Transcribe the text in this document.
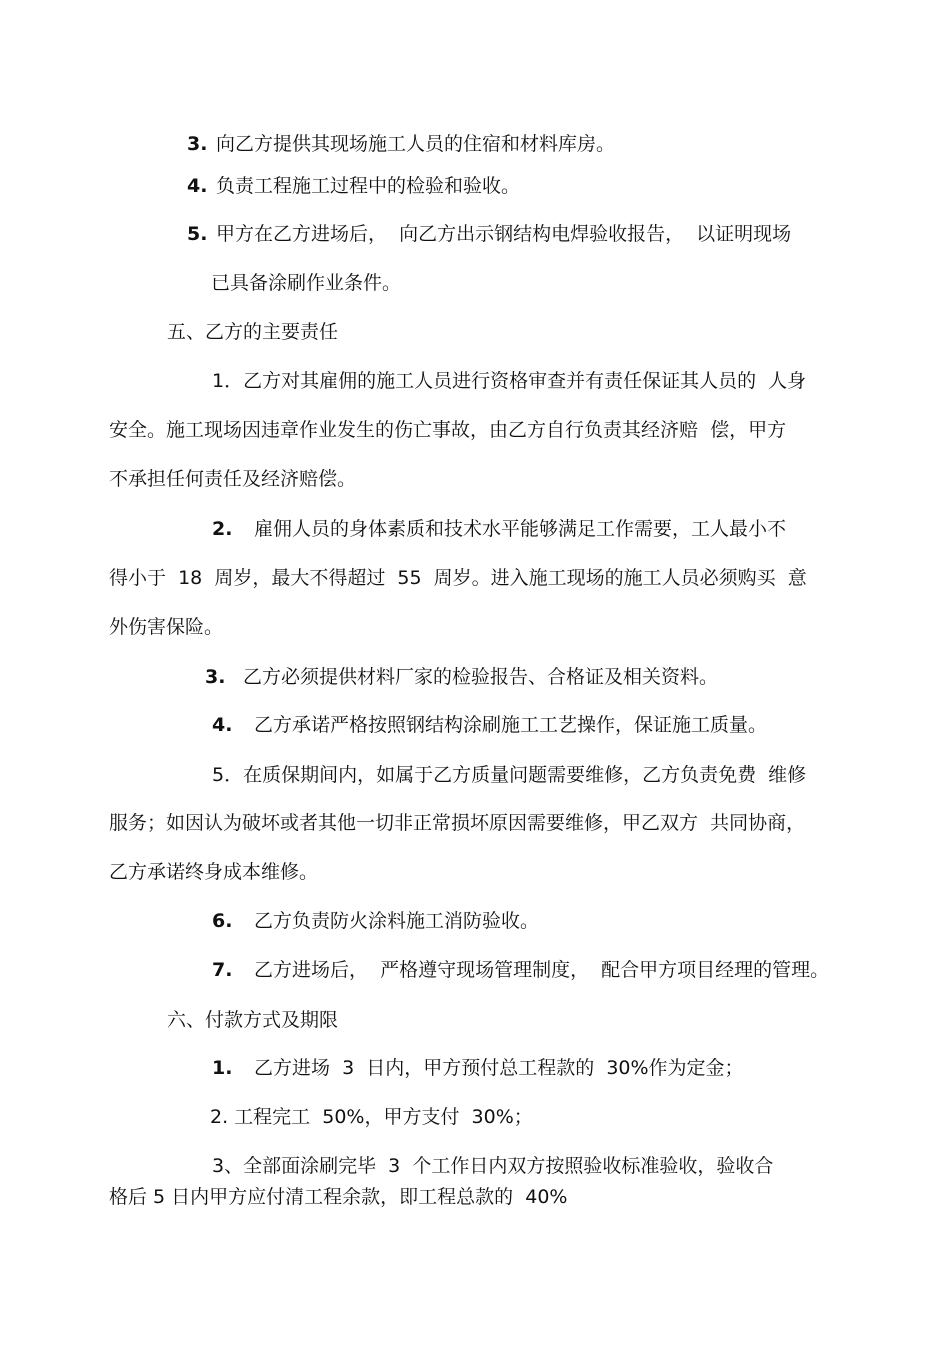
3. 向乙方提供其现场施工人员的住宿和材料库房。
4. 负责工程施工过程中的检验和验收。
5. 甲方在乙方进场后，  向乙方出示钢结构电焊验收报告，  以证明现场
已具备涂刷作业条件。
五、乙方的主要责任
1．乙方对其雇佣的施工人员进行资格审查并有责任保证其人员的  人身
安全。施工现场因违章作业发生的伤亡事故，由乙方自行负责其经济赔  偿，甲方
不承担任何责任及经济赔偿。
2. 雇佣人员的身体素质和技术水平能够满足工作需要，工人最小不
得小于  18  周岁，最大不得超过  55  周岁。进入施工现场的施工人员必须购买  意
外伤害保险。
3. 乙方必须提供材料厂家的检验报告、合格证及相关资料。
4. 乙方承诺严格按照钢结构涂刷施工工艺操作，保证施工质量。
5．在质保期间内，如属于乙方质量问题需要维修，乙方负责免费  维修
服务；如因认为破坏或者其他一切非正常损坏原因需要维修，甲乙双方  共同协商，
乙方承诺终身成本维修。
6. 乙方负责防火涂料施工消防验收。
7. 乙方进场后，  严格遵守现场管理制度，  配合甲方项目经理的管理。
六、付款方式及期限
1. 乙方进场  3  日内，甲方预付总工程款的  30%作为定金；
2. 工程完工  50%，甲方支付  30%；
3、全部面涂刷完毕  3  个工作日内双方按照验收标准验收，验收合
格后 5 日内甲方应付清工程余款，即工程总款的  40%
